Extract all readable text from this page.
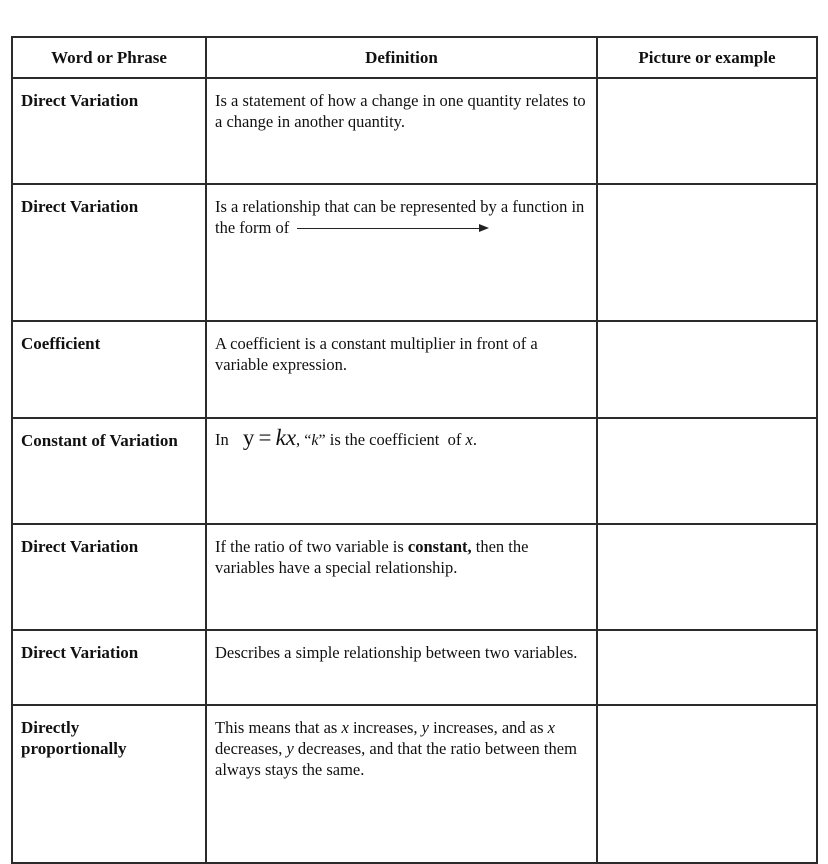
Word or Phrase	Definition	Picture or example
Direct Variation	Is a statement of how a change in one quantity relates to a change in another quantity.	
Direct Variation	Is a relationship that can be represented by a function in the form of

Coefficient	A coefficient is a constant multiplier in front of a variable expression.	
Constant of Variation	In y = kx, “k” is the coefficient  of x.	
Direct Variation	If the ratio of two variable is constant, then the variables have a special relationship.	
Direct Variation	Describes a simple relationship between two variables.	
Directly proportionally	This means that as x increases, y increases, and as x decreases, y decreases, and that the ratio between them always stays the same.	
